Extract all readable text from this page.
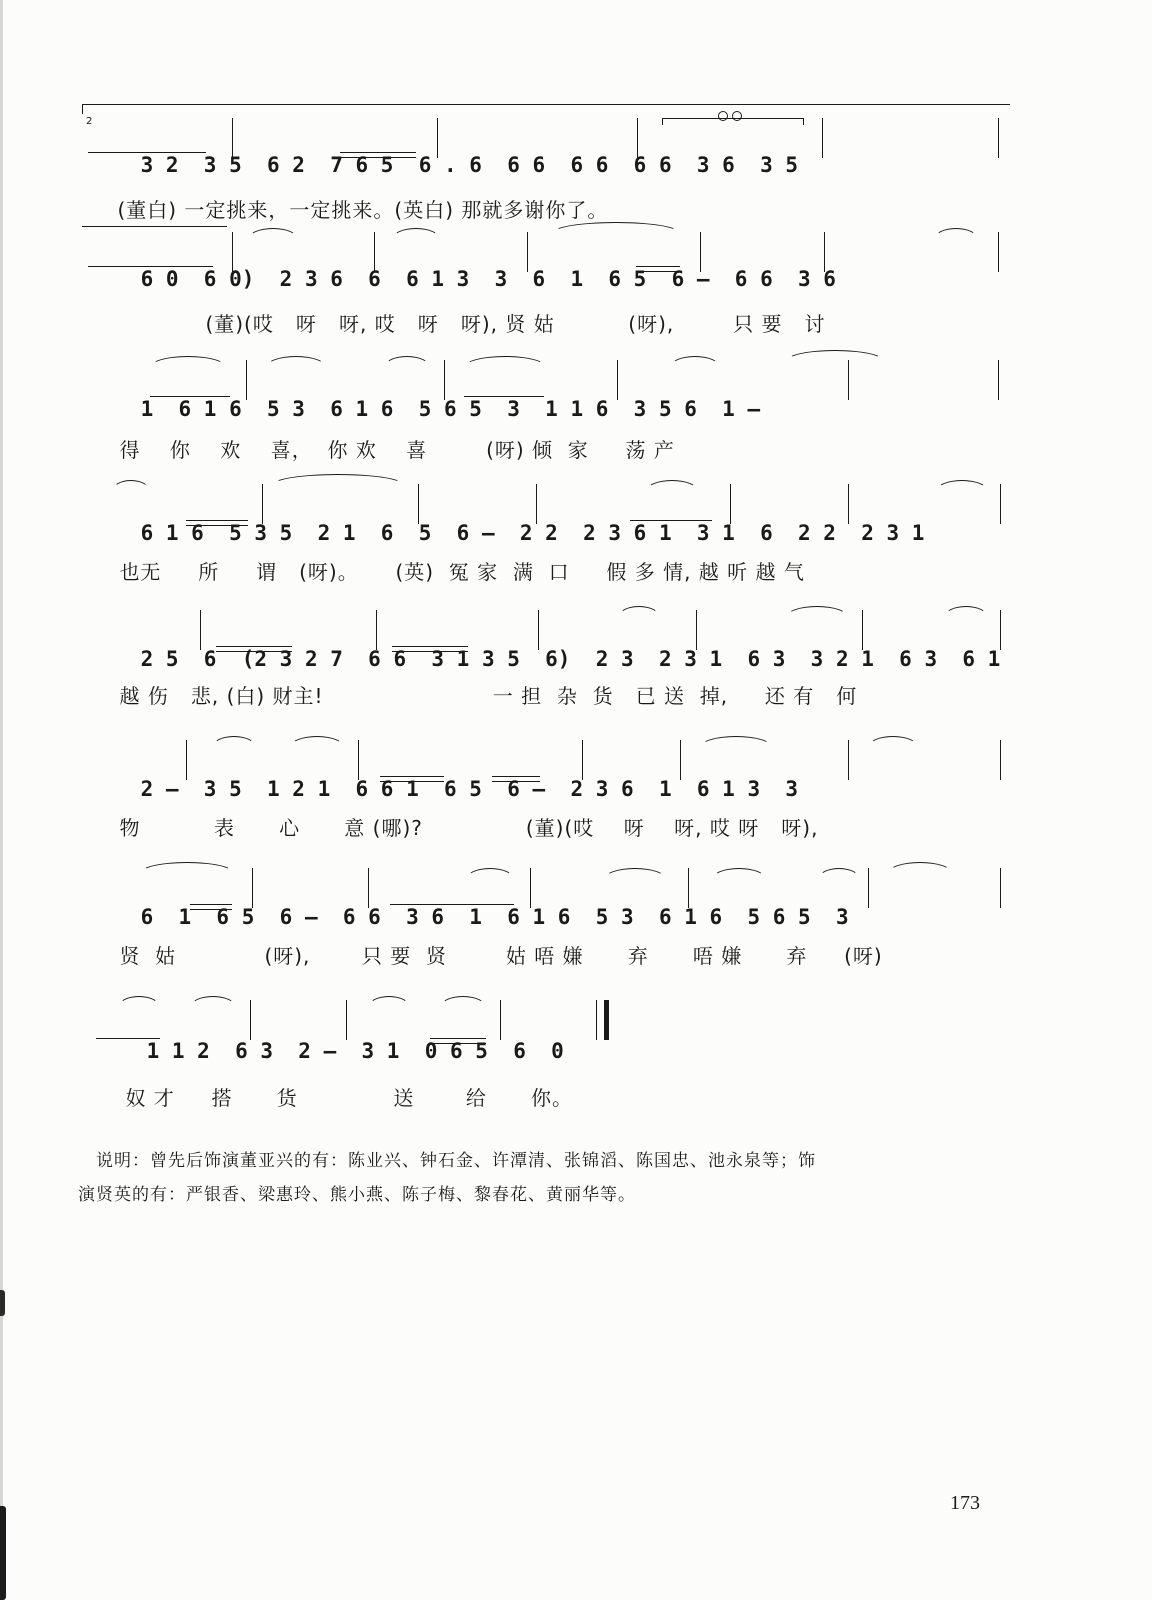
2

3 2  3 5  6 2  7 6 5  6 . 6  6 6  6 6  6 6  3 6  3 5

(董白) 一定挑来，一定挑来。(英白) 那就多谢你了。

6 0  6 0)  2 3 6  6  6 1 3  3  6  1  6 5  6 —  6 6  3 6

(董)(哎   呀   呀, 哎   呀   呀), 贤 姑          (呀),        只 要   讨

1  6 1 6  5 3  6 1 6  5 6 5  3  1 1 6  3 5 6  1 —

得    你    欢    喜，  你 欢    喜        (呀) 倾  家     荡 产

6 1 6  5 3 5  2 1  6  5  6 —  2 2  2 3 6 1  3 1  6  2 2  2 3 1

也无     所     谓   (呀)。     (英)  冤 家  满  口     假 多 情, 越 听 越 气

2 5  6  (2 3 2 7  6 6  3 1 3 5  6)  2 3  2 3 1  6 3  3 2 1  6 3  6 1

越 伤   悲, (白) 财主!                       一 担  杂  货   已 送  掉,     还 有   何

2 —  3 5  1 2 1  6 6 1  6 5  6 —  2 3 6  1  6 1 3  3

物          表      心      意 (哪)?              (董)(哎    呀    呀, 哎 呀   呀),

6  1  6 5  6 —  6 6  3 6  1  6 1 6  5 3  6 1 6  5 6 5  3

贤  姑            (呀),       只 要  贤        姑 唔 嫌      弃      唔 嫌      弃     (呀)

1 1 2  6 3  2 —  3 1  0 6 5  6  0

奴 才     搭      货             送       给      你。

说明：曾先后饰演董亚兴的有：陈业兴、钟石金、许潭清、张锦滔、陈国忠、池永泉等；饰
演贤英的有：严银香、梁惠玲、熊小燕、陈子梅、黎春花、黄丽华等。
173
